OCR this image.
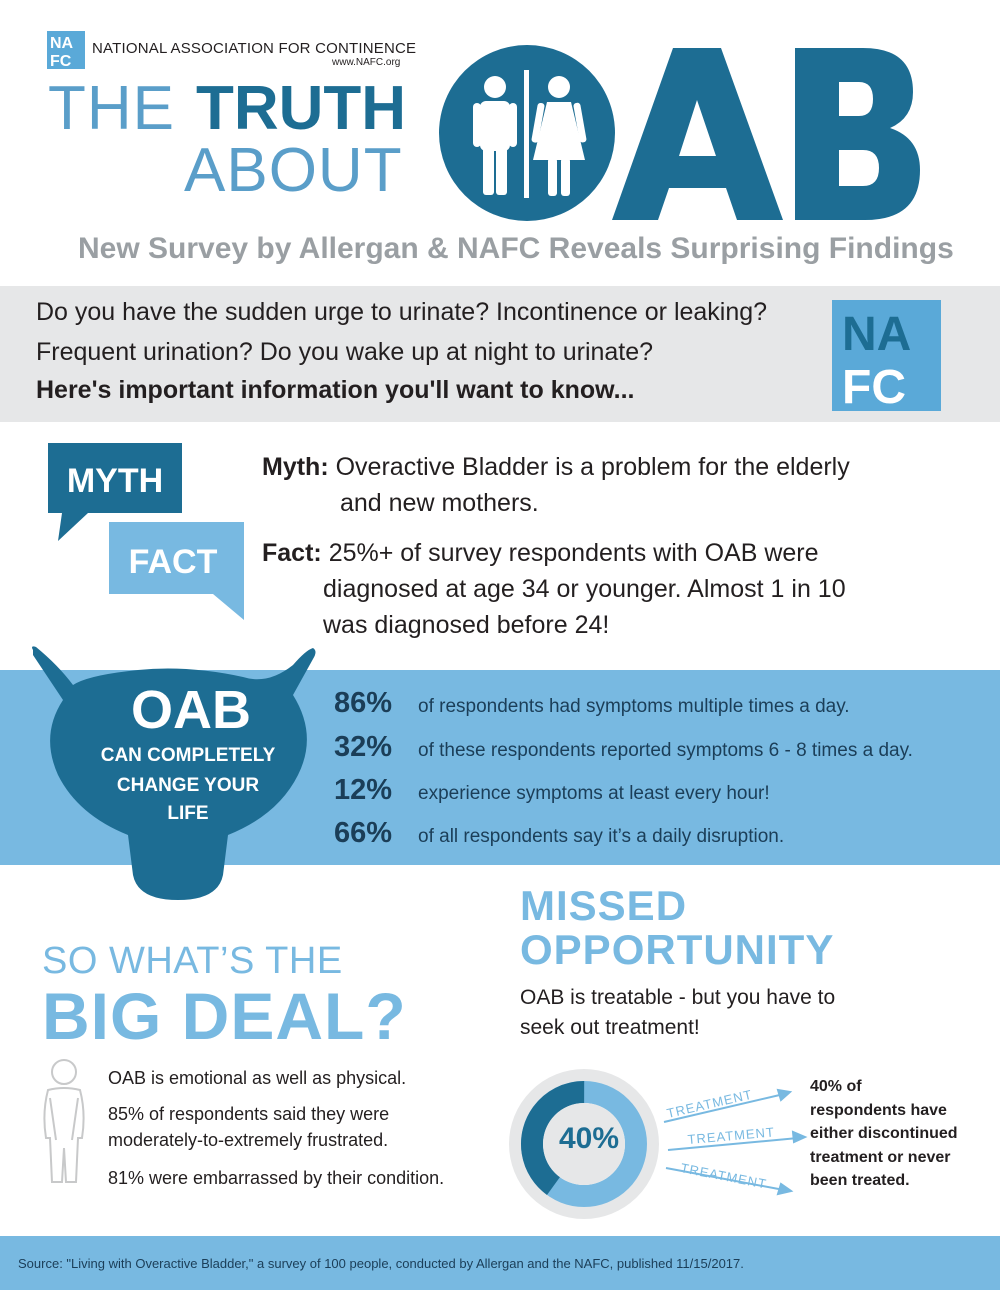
NA
FC
NATIONAL ASSOCIATION FOR CONTINENCE
www.NAFC.org
THE TRUTH
ABOUT
New Survey by Allergan & NAFC Reveals Surprising Findings
Do you have the sudden urge to urinate? Incontinence or leaking?
Frequent urination? Do you wake up at night to urinate?
Here's important information you'll want to know...
NA
FC
MYTH
FACT
Myth: Overactive Bladder is a problem for the elderly
and new mothers.
Fact: 25%+ of survey respondents with OAB were
diagnosed at age 34 or younger. Almost 1 in 10
was diagnosed before 24!
OAB
CAN COMPLETELY
CHANGE YOUR
LIFE
86% of respondents had symptoms multiple times a day.
32% of these respondents reported symptoms 6 - 8 times a day.
12% experience symptoms at least every hour!
66% of all respondents say it’s a daily disruption.
SO WHAT’S THE
BIG DEAL?
OAB is emotional as well as physical.
85% of respondents said they were
moderately-to-extremely frustrated.
81% were embarrassed by their condition.
MISSED
OPPORTUNITY
OAB is treatable - but you have to
seek out treatment!
40%
TREATMENT
TREATMENT
TREATMENT
40% of
respondents have
either discontinued
treatment or never
been treated.
Source: "Living with Overactive Bladder," a survey of 100 people, conducted by Allergan and the NAFC, published 11/15/2017.
